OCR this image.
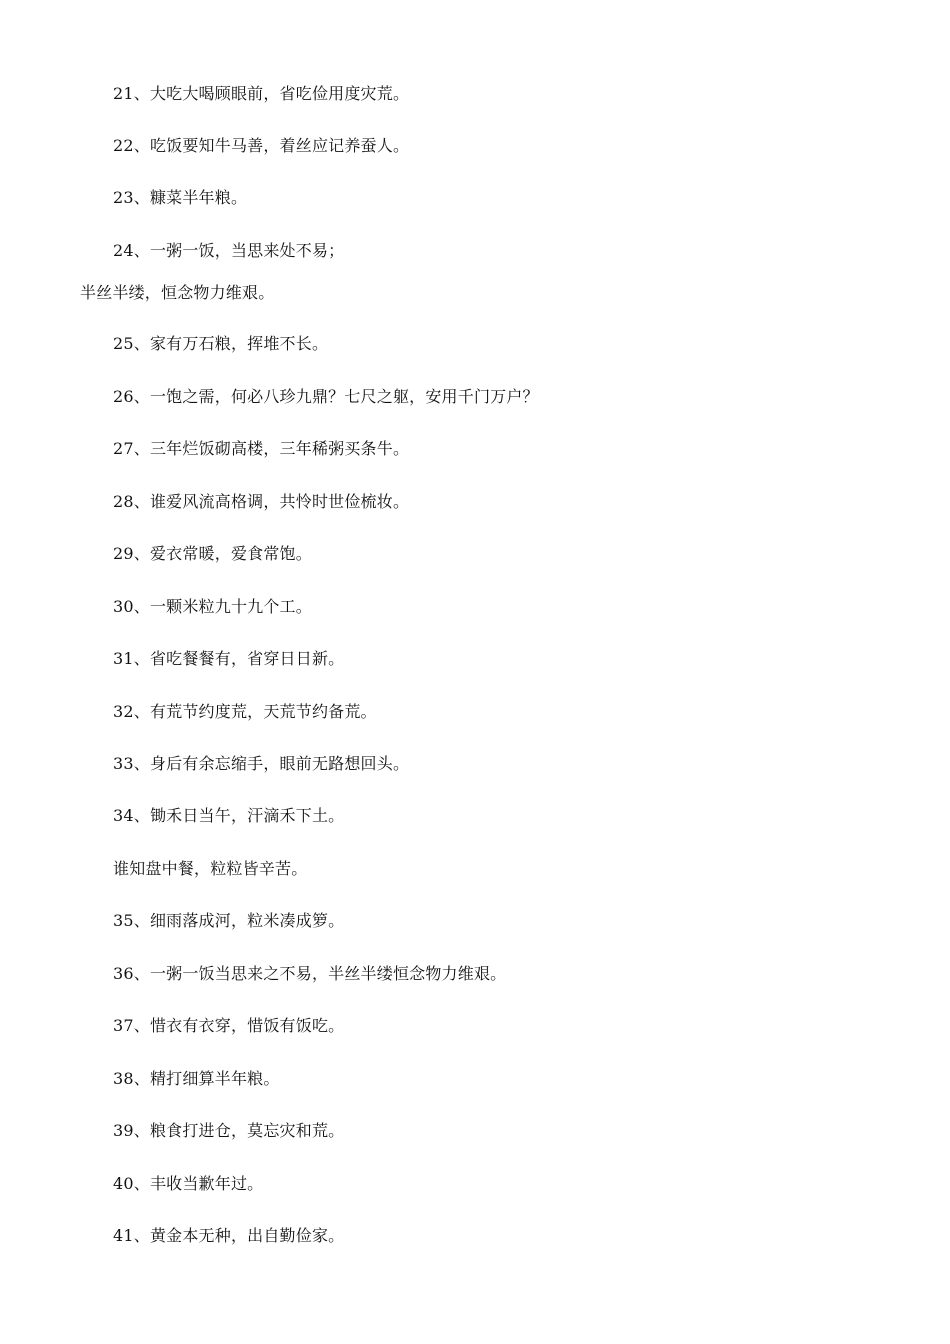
21、大吃大喝顾眼前，省吃俭用度灾荒。
22、吃饭要知牛马善，着丝应记养蚕人。
23、糠菜半年粮。
24、一粥一饭，当思来处不易；
半丝半缕，恒念物力维艰。
25、家有万石粮，挥堆不长。
26、一饱之需，何必八珍九鼎？七尺之躯，安用千门万户？
27、三年烂饭砌高楼，三年稀粥买条牛。
28、谁爱风流高格调，共怜时世俭梳妆。
29、爱衣常暖，爱食常饱。
30、一颗米粒九十九个工。
31、省吃餐餐有，省穿日日新。
32、有荒节约度荒，天荒节约备荒。
33、身后有余忘缩手，眼前无路想回头。
34、锄禾日当午，汗滴禾下土。
谁知盘中餐，粒粒皆辛苦。
35、细雨落成河，粒米凑成箩。
36、一粥一饭当思来之不易，半丝半缕恒念物力维艰。
37、惜衣有衣穿，惜饭有饭吃。
38、精打细算半年粮。
39、粮食打进仓，莫忘灾和荒。
40、丰收当歉年过。
41、黄金本无种，出自勤俭家。
